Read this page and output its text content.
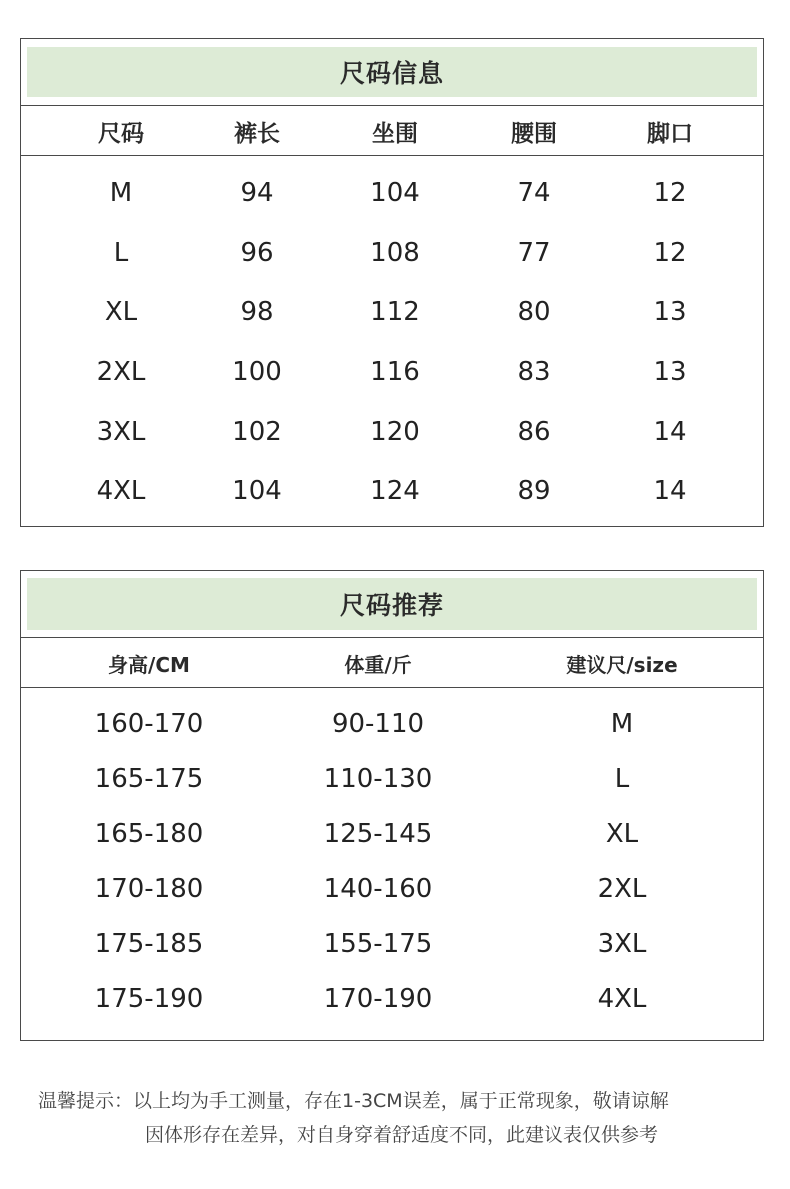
尺码信息
尺码	裤长	坐围	腰围	脚口
M	94	104	74	12
L	96	108	77	12
XL	98	112	80	13
2XL	100	116	83	13
3XL	102	120	86	14
4XL	104	124	89	14
尺码推荐
身高/CM	体重/斤	建议尺/size
160-170	90-110	M
165-175	110-130	L
165-180	125-145	XL
170-180	140-160	2XL
175-185	155-175	3XL
175-190	170-190	4XL
温馨提示：以上均为手工测量，存在1-3CM误差，属于正常现象，敬请谅解
因体形存在差异，对自身穿着舒适度不同，此建议表仅供参考
